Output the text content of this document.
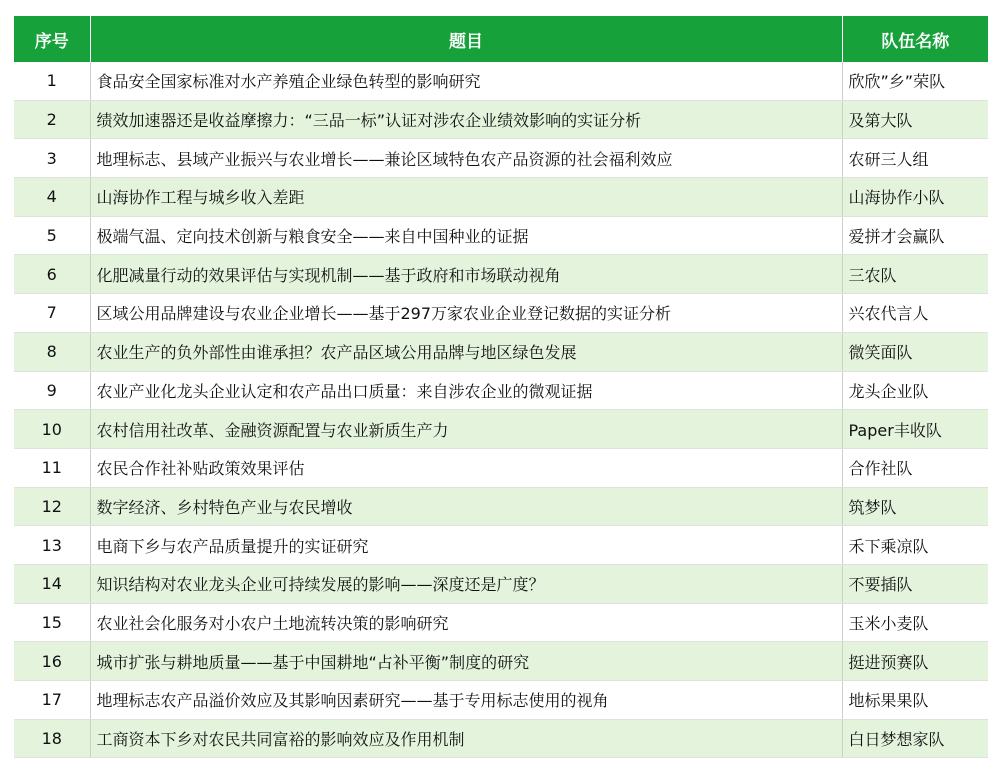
序号	题目	队伍名称
1	食品安全国家标准对水产养殖企业绿色转型的影响研究	欣欣”乡”荣队
2	绩效加速器还是收益摩擦力：“三品一标”认证对涉农企业绩效影响的实证分析	及第大队
3	地理标志、县域产业振兴与农业增长——兼论区域特色农产品资源的社会福利效应	农研三人组
4	山海协作工程与城乡收入差距	山海协作小队
5	极端气温、定向技术创新与粮食安全——来自中国种业的证据	爱拼才会赢队
6	化肥减量行动的效果评估与实现机制——基于政府和市场联动视角	三农队
7	区域公用品牌建设与农业企业增长——基于297万家农业企业登记数据的实证分析	兴农代言人
8	农业生产的负外部性由谁承担？农产品区域公用品牌与地区绿色发展	微笑面队
9	农业产业化龙头企业认定和农产品出口质量：来自涉农企业的微观证据	龙头企业队
10	农村信用社改革、金融资源配置与农业新质生产力	Paper丰收队
11	农民合作社补贴政策效果评估	合作社队
12	数字经济、乡村特色产业与农民增收	筑梦队
13	电商下乡与农产品质量提升的实证研究	禾下乘凉队
14	知识结构对农业龙头企业可持续发展的影响——深度还是广度？	不要插队
15	农业社会化服务对小农户土地流转决策的影响研究	玉米小麦队
16	城市扩张与耕地质量——基于中国耕地“占补平衡”制度的研究	挺进预赛队
17	地理标志农产品溢价效应及其影响因素研究——基于专用标志使用的视角	地标果果队
18	工商资本下乡对农民共同富裕的影响效应及作用机制	白日梦想家队
